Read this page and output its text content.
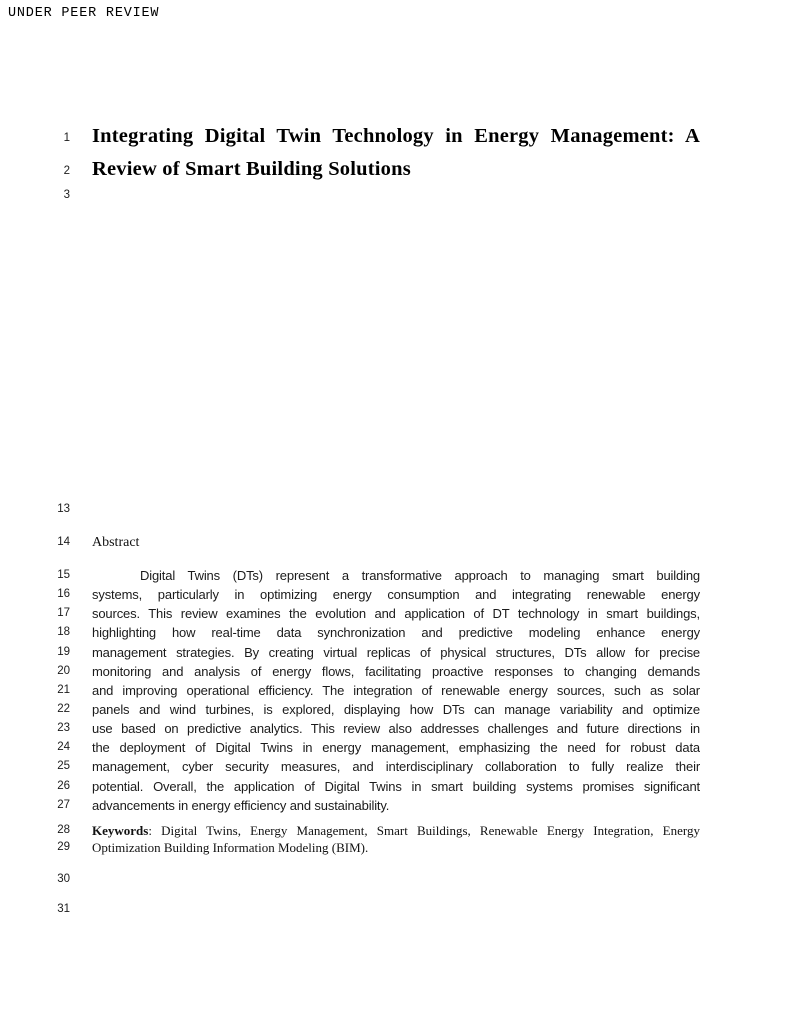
UNDER PEER REVIEW
1 Integrating Digital Twin Technology in Energy Management: A
2 Review of Smart Building Solutions
3
13
14 Abstract
15	Digital Twins (DTs) represent a transformative approach to managing smart building
16 systems, particularly in optimizing energy consumption and integrating renewable energy
17 sources. This review examines the evolution and application of DT technology in smart buildings,
18 highlighting how real-time data synchronization and predictive modeling enhance energy
19 management strategies. By creating virtual replicas of physical structures, DTs allow for precise
20 monitoring and analysis of energy flows, facilitating proactive responses to changing demands
21 and improving operational efficiency. The integration of renewable energy sources, such as solar
22 panels and wind turbines, is explored, displaying how DTs can manage variability and optimize
23 use based on predictive analytics. This review also addresses challenges and future directions in
24 the deployment of Digital Twins in energy management, emphasizing the need for robust data
25 management, cyber security measures, and interdisciplinary collaboration to fully realize their
26 potential. Overall, the application of Digital Twins in smart building systems promises significant
27 advancements in energy efficiency and sustainability.
28 Keywords: Digital Twins, Energy Management, Smart Buildings, Renewable Energy Integration, Energy
29 Optimization Building Information Modeling (BIM).
30
31
